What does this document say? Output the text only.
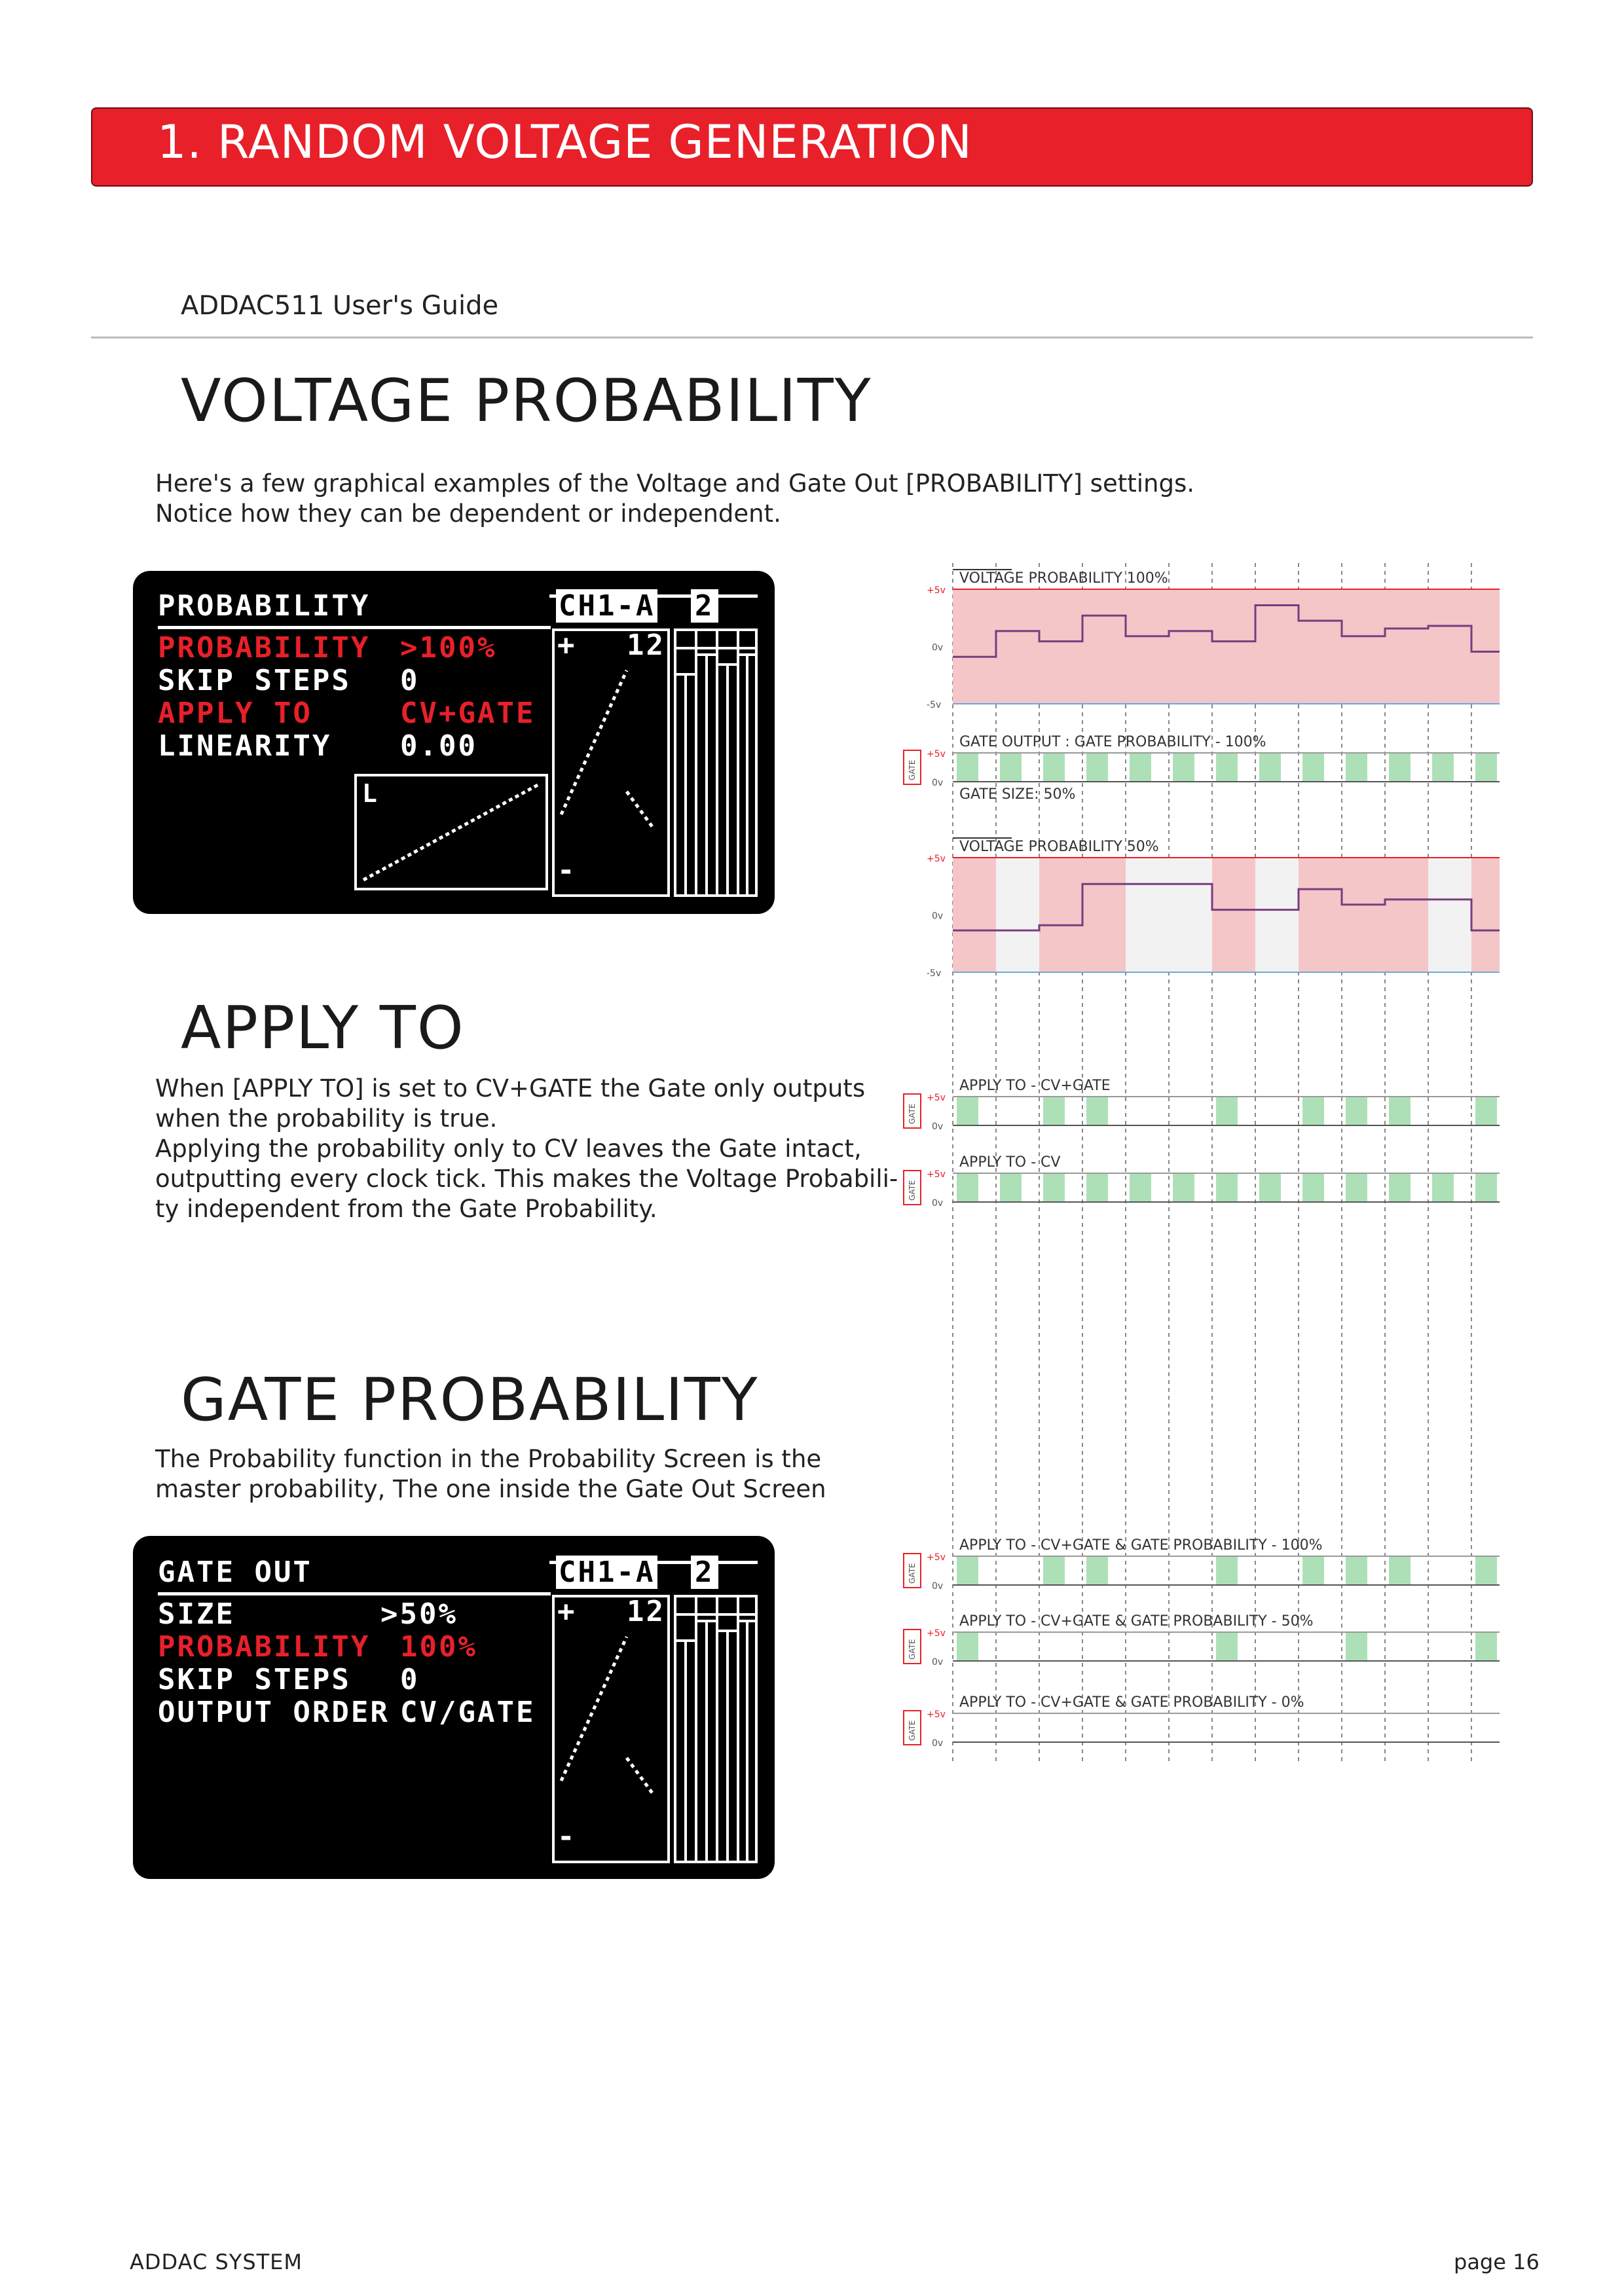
1. RANDOM VOLTAGE GENERATION
ADDAC511 User's Guide
VOLTAGE PROBABILITY
Here's a few graphical examples of the Voltage and Gate Out [PROBABILITY] settings.
Notice how they can be dependent or independent.
PROBABILITY
PROBABILITY >100%
SKIP STEPS 0
APPLY TO	CV+GATE
LINEARITY 0.00
L
CH1-A 2
+ 12
-
APPLY TO
When [APPLY TO] is set to CV+GATE the Gate only outputs
when the probability is true.
Applying the probability only to CV leaves the Gate intact,
outputting every clock tick. This makes the Voltage Probabili-
ty independent from the Gate Probability.
GATE PROBABILITY
The Probability function in the Probability Screen is the
master probability, The one inside the Gate Out Screen
GATE OUT
SIZE	>50%
PROBABILITY 100%
SKIP STEPS 0
OUTPUT ORDER CV/GATE
CH1-A 2
+ 12
-
VOLTAGE PROBABILITY 100%
+5v
0v
-5v
GATE OUTPUT : GATE PROBABILITY - 100%
GATE SIZE: 50%
GATE
+5v
0v
VOLTAGE PROBABILITY 50%
+5v
0v
-5v
APPLY TO - CV+GATE
GATE
+5v
0v
APPLY TO - CV
GATE
+5v
0v
APPLY TO - CV+GATE & GATE PROBABILITY - 100%
GATE
+5v
0v
APPLY TO - CV+GATE & GATE PROBABILITY - 50%
GATE
+5v
0v
APPLY TO - CV+GATE & GATE PROBABILITY - 0%
GATE
+5v
0v
ADDAC SYSTEM	page 16
